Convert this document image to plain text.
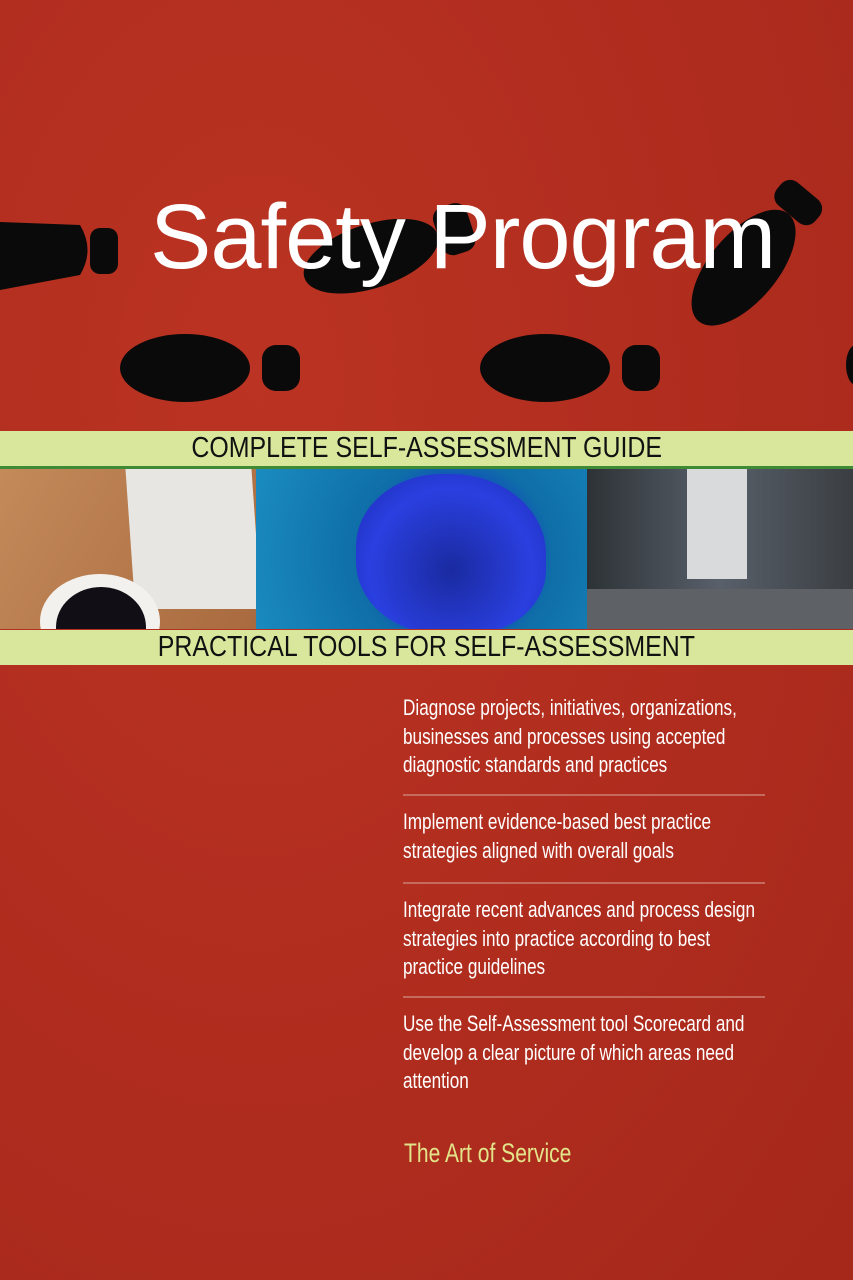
Safety Program
COMPLETE SELF-ASSESSMENT GUIDE
PRACTICAL TOOLS FOR SELF-ASSESSMENT
Diagnose projects, initiatives, organizations, businesses and processes using accepted diagnostic standards and practices
Implement evidence-based best practice strategies aligned with overall goals
Integrate recent advances and process design strategies into practice according to best practice guidelines
Use the Self-Assessment tool Scorecard and develop a clear picture of which areas need attention
The Art of Service
